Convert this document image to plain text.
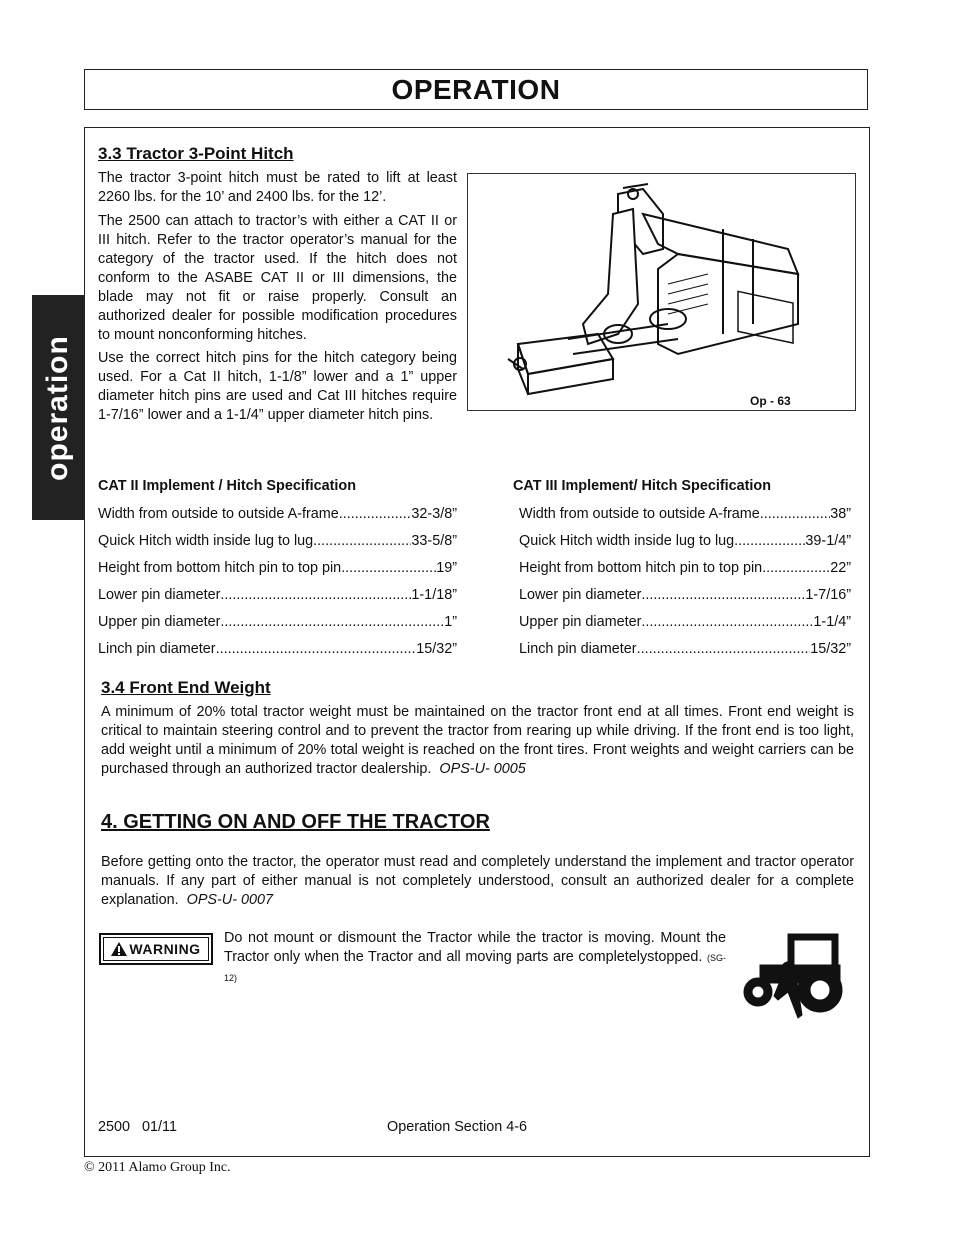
OPERATION
operation
3.3 Tractor 3-Point Hitch
The tractor 3-point hitch must be rated to lift at least 2260 lbs. for the 10’ and 2400 lbs. for the 12’.
The 2500 can attach to tractor’s with either a CAT II or III hitch. Refer to the tractor operator’s manual for the category of the tractor used. If the hitch does not conform to the ASABE CAT II or III dimensions, the blade may not fit or raise properly. Consult an authorized dealer for possible modification procedures to mount nonconforming hitches.
Use the correct hitch pins for the hitch category being used. For a Cat II hitch, 1-1/8” lower and a 1” upper diameter hitch pins are used and Cat III hitches require 1-7/16” lower and a 1-1/4” upper diameter hitch pins.
Op - 63
CAT II Implement / Hitch Specification
Width from outside to outside A-frame .....	32-3/8”
Quick Hitch width inside lug to lug .....	33-5/8”
Height from bottom hitch pin to top pin .....	19”
Lower pin diameter .....	1-1/18”
Upper pin diameter .....	1”
Linch pin diameter .....	15/32”
CAT III Implement/ Hitch Specification
Width from outside to outside A-frame .....	38”
Quick Hitch width inside lug to lug .....	39-1/4”
Height from bottom hitch pin to top pin .....	22”
Lower pin diameter .....	1-7/16”
Upper pin diameter .....	1-1/4”
Linch pin diameter .....	15/32”
3.4 Front End Weight
A minimum of 20% total tractor weight must be maintained on the tractor front end at all times. Front end weight is critical to maintain steering control and to prevent the tractor from rearing up while driving. If the front end is too light, add weight until a minimum of 20% total weight is reached on the front tires. Front weights and weight carriers can be purchased through an authorized tractor dealership. OPS-U- 0005
4. GETTING ON AND OFF THE TRACTOR
Before getting onto the tractor, the operator must read and completely understand the implement and tractor operator manuals. If any part of either manual is not completely understood, consult an authorized dealer for a complete explanation. OPS-U- 0007
WARNING
Do not mount or dismount the Tractor while the tractor is moving. Mount the Tractor only when the Tractor and all moving parts are completelystopped. (SG-12)
2500   01/11	Operation Section 4-6
© 2011 Alamo Group Inc.
